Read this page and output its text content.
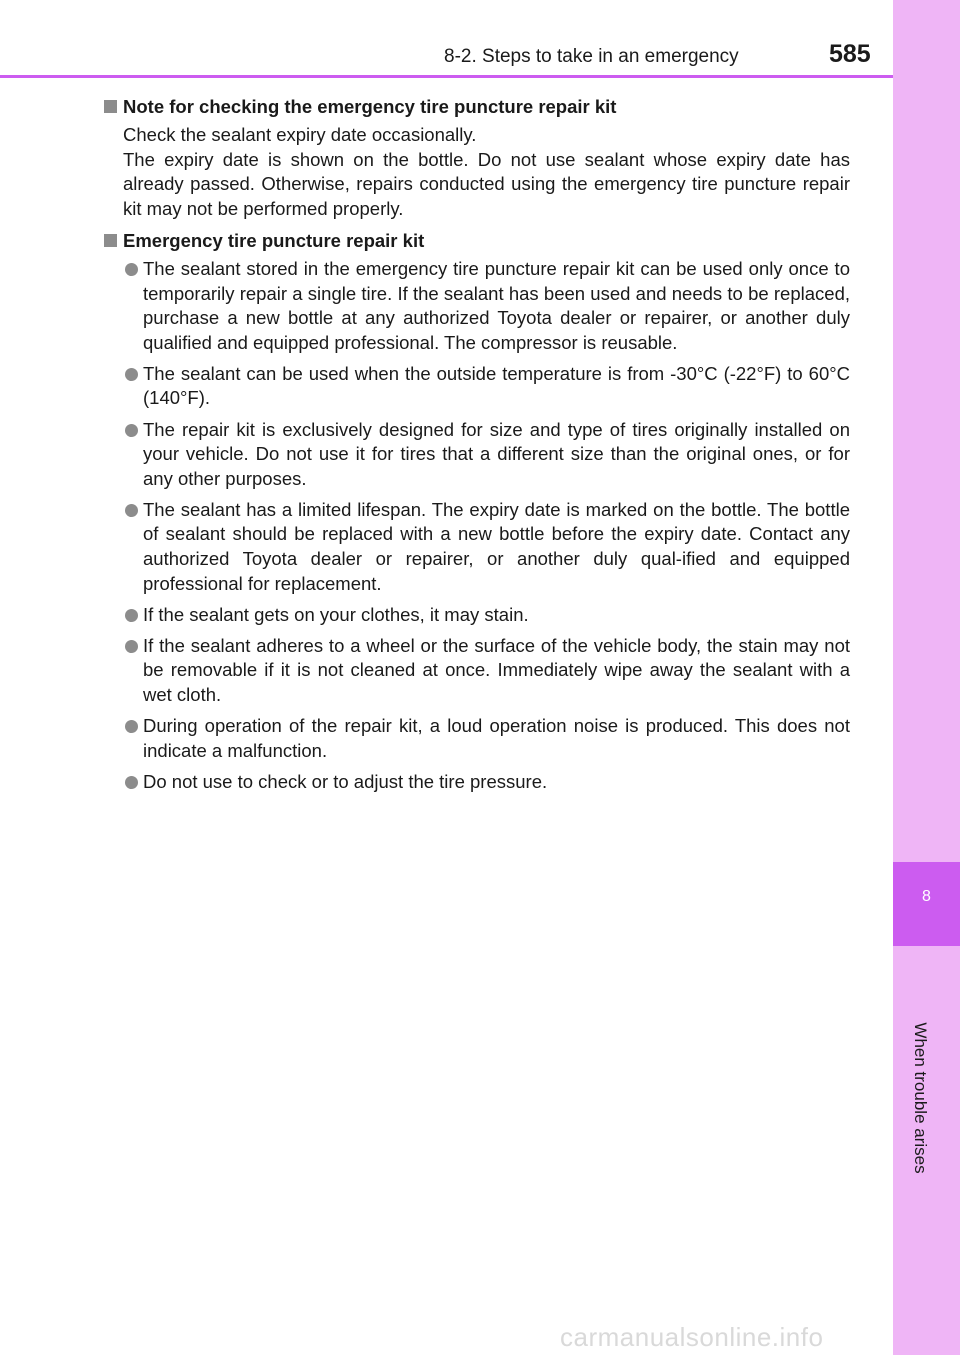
8
When trouble arises
8-2. Steps to take in an emergency	585
Note for checking the emergency tire puncture repair kit
Check the sealant expiry date occasionally.
The expiry date is shown on the bottle. Do not use sealant whose expiry date has already passed. Otherwise, repairs conducted using the emergency tire puncture repair kit may not be performed properly.
Emergency tire puncture repair kit
The sealant stored in the emergency tire puncture repair kit can be used only once to temporarily repair a single tire. If the sealant has been used and needs to be replaced, purchase a new bottle at any authorized Toyota dealer or repairer, or another duly qualified and equipped professional. The compressor is reusable.
The sealant can be used when the outside temperature is from -30°C (-22°F) to 60°C (140°F).
The repair kit is exclusively designed for size and type of tires originally installed on your vehicle. Do not use it for tires that a different size than the original ones, or for any other purposes.
The sealant has a limited lifespan. The expiry date is marked on the bottle. The bottle of sealant should be replaced with a new bottle before the expiry date. Contact any authorized Toyota dealer or repairer, or another duly qual-ified and equipped professional for replacement.
If the sealant gets on your clothes, it may stain.
If the sealant adheres to a wheel or the surface of the vehicle body, the stain may not be removable if it is not cleaned at once. Immediately wipe away the sealant with a wet cloth.
During operation of the repair kit, a loud operation noise is produced. This does not indicate a malfunction.
Do not use to check or to adjust the tire pressure.
carmanualsonline.info
